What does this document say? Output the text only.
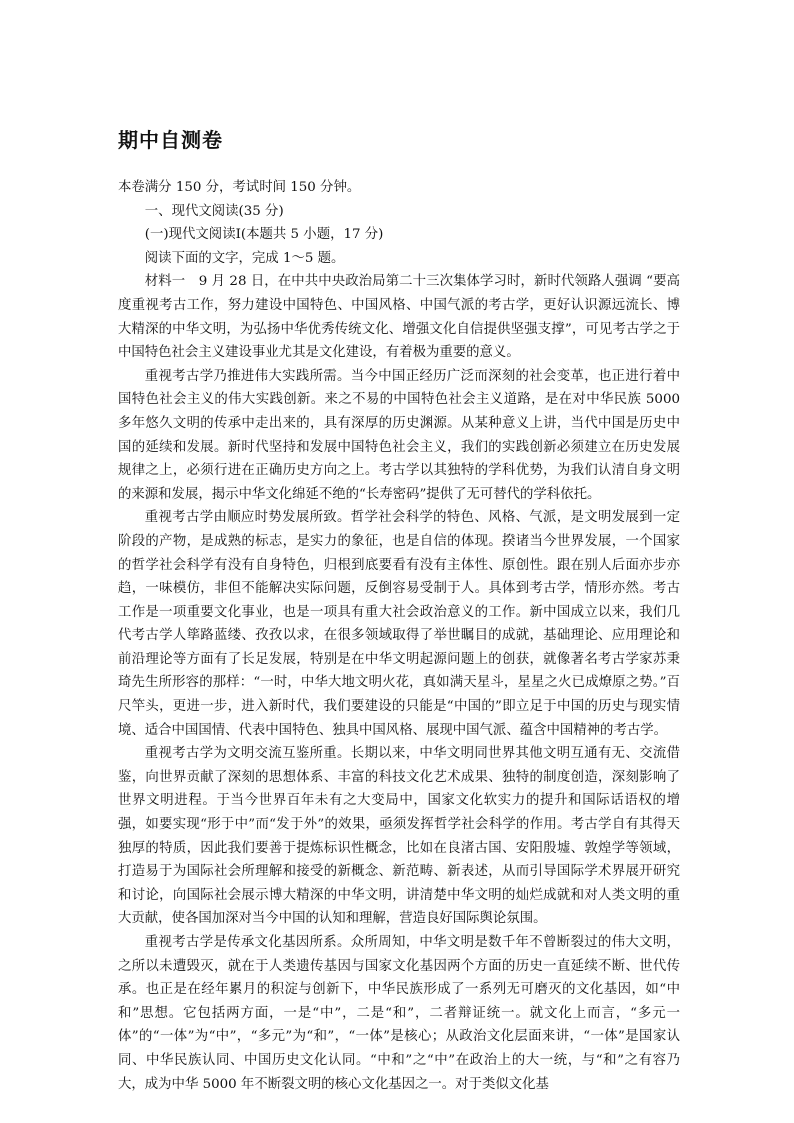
期中自测卷

本卷满分 150 分，考试时间 150 分钟。

一、现代文阅读(35 分)

(一)现代文阅读Ⅰ(本题共 5 小题，17 分)

阅读下面的文字，完成 1～5 题。

材料一　9 月 28 日，在中共中央政治局第二十三次集体学习时，新时代领路人强调 “要高度重视考古工作，努力建设中国特色、中国风格、中国气派的考古学，更好认识源远流长、博大精深的中华文明，为弘扬中华优秀传统文化、增强文化自信提供坚强支撑”，可见考古学之于中国特色社会主义建设事业尤其是文化建设，有着极为重要的意义。

重视考古学乃推进伟大实践所需。当今中国正经历广泛而深刻的社会变革，也正进行着中国特色社会主义的伟大实践创新。来之不易的中国特色社会主义道路，是在对中华民族 5000 多年悠久文明的传承中走出来的，具有深厚的历史渊源。从某种意义上讲，当代中国是历史中国的延续和发展。新时代坚持和发展中国特色社会主义，我们的实践创新必须建立在历史发展规律之上，必须行进在正确历史方向之上。考古学以其独特的学科优势，为我们认清自身文明的来源和发展，揭示中华文化绵延不绝的“长寿密码”提供了无可替代的学科依托。

重视考古学由顺应时势发展所致。哲学社会科学的特色、风格、气派，是文明发展到一定阶段的产物，是成熟的标志，是实力的象征，也是自信的体现。揆诸当今世界发展，一个国家的哲学社会科学有没有自身特色，归根到底要看有没有主体性、原创性。跟在别人后面亦步亦趋，一味模仿，非但不能解决实际问题，反倒容易受制于人。具体到考古学，情形亦然。考古工作是一项重要文化事业，也是一项具有重大社会政治意义的工作。新中国成立以来，我们几代考古学人筚路蓝缕、孜孜以求，在很多领域取得了举世瞩目的成就，基础理论、应用理论和前沿理论等方面有了长足发展，特别是在中华文明起源问题上的创获，就像著名考古学家苏秉琦先生所形容的那样：“一时，中华大地文明火花，真如满天星斗，星星之火已成燎原之势。”百尺竿头，更进一步，进入新时代，我们要建设的只能是“中国的”即立足于中国的历史与现实情境、适合中国国情、代表中国特色、独具中国风格、展现中国气派、蕴含中国精神的考古学。

重视考古学为文明交流互鉴所重。长期以来，中华文明同世界其他文明互通有无、交流借鉴，向世界贡献了深刻的思想体系、丰富的科技文化艺术成果、独特的制度创造，深刻影响了世界文明进程。于当今世界百年未有之大变局中，国家文化软实力的提升和国际话语权的增强，如要实现“形于中”而“发于外”的效果，亟须发挥哲学社会科学的作用。考古学自有其得天独厚的特质，因此我们要善于提炼标识性概念，比如在良渚古国、安阳殷墟、敦煌学等领域，打造易于为国际社会所理解和接受的新概念、新范畴、新表述，从而引导国际学术界展开研究和讨论，向国际社会展示博大精深的中华文明，讲清楚中华文明的灿烂成就和对人类文明的重大贡献，使各国加深对当今中国的认知和理解，营造良好国际舆论氛围。

重视考古学是传承文化基因所系。众所周知，中华文明是数千年不曾断裂过的伟大文明，之所以未遭毁灭，就在于人类遗传基因与国家文化基因两个方面的历史一直延续不断、世代传承。也正是在经年累月的积淀与创新下，中华民族形成了一系列无可磨灭的文化基因，如“中和”思想。它包括两方面，一是“中”，二是“和”，二者辩证统一。就文化上而言，“多元一体”的“一体”为“中”，“多元”为“和”，“一体”是核心；从政治文化层面来讲，“一体”是国家认同、中华民族认同、中国历史文化认同。“中和”之“中”在政治上的大一统，与“和”之有容乃大，成为中华 5000 年不断裂文明的核心文化基因之一。对于类似文化基
